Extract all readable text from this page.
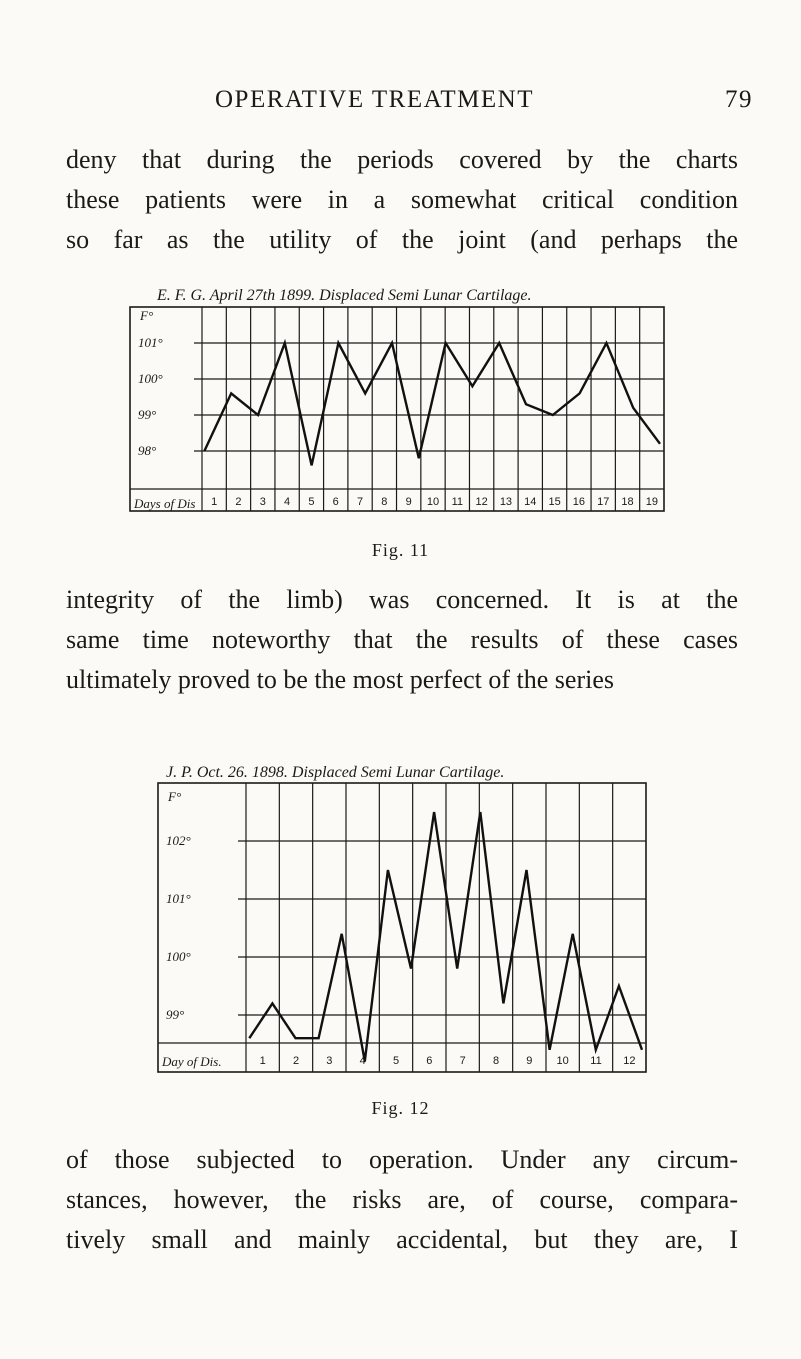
OPERATIVE TREATMENT	79
deny that during the periods covered by the charts
these patients were in a somewhat critical condition
so far as the utility of the joint (and perhaps the
E. F. G. April 27th 1899. Displaced Semi Lunar Cartilage.
F°
101°
100°
99°
98°
Days of Dis 1 2 3 4 5 6 7 8 9 10 11 12 13 14 15 16 17 18 19
Fig. 11
integrity of the limb) was concerned. It is at the
same time noteworthy that the results of these cases
ultimately proved to be the most perfect of the series
J. P. Oct. 26. 1898. Displaced Semi Lunar Cartilage.
F°
102°
101°
100°
99°
Day of Dis.	1 2 3 4 5 6 7 8 9 10 11 12
Fig. 12
of those subjected to operation. Under any circum-
stances, however, the risks are, of course, compara-
tively small and mainly accidental, but they are, I
